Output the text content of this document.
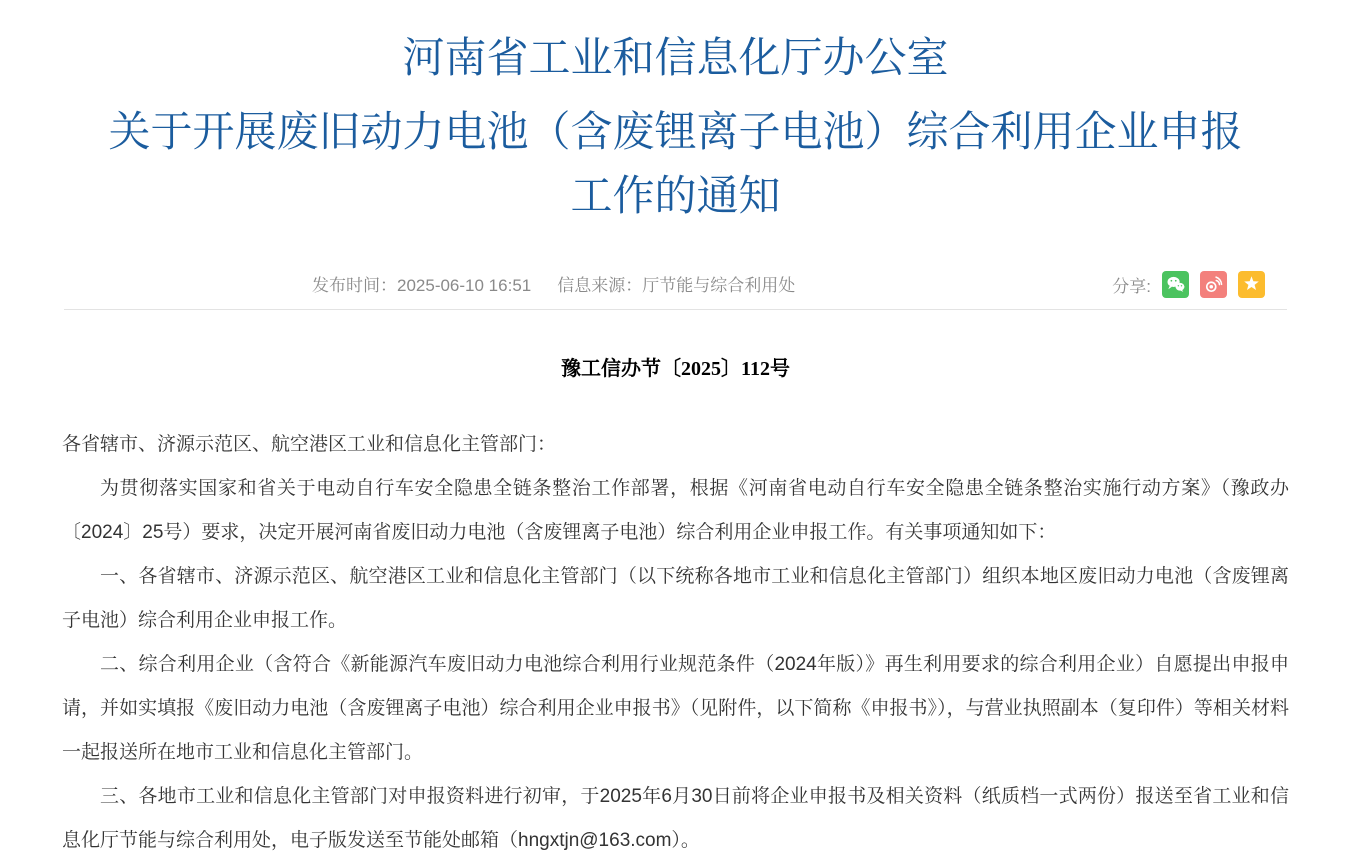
河南省工业和信息化厅办公室
关于开展废旧动力电池（含废锂离子电池）综合利用企业申报
工作的通知
发布时间：2025-06-10 16:51 信息来源：厅节能与综合利用处	分享:
豫工信办节〔2025〕112号

各省辖市、济源示范区、航空港区工业和信息化主管部门：

为贯彻落实国家和省关于电动自行车安全隐患全链条整治工作部署，根据《河南省电动自行车安全隐患全链条整治实施行动方案》（豫政办〔2024〕25号）要求，决定开展河南省废旧动力电池（含废锂离子电池）综合利用企业申报工作。有关事项通知如下：

一、各省辖市、济源示范区、航空港区工业和信息化主管部门（以下统称各地市工业和信息化主管部门）组织本地区废旧动力电池（含废锂离子电池）综合利用企业申报工作。

二、综合利用企业（含符合《新能源汽车废旧动力电池综合利用行业规范条件（2024年版）》再生利用要求的综合利用企业）自愿提出申报申请，并如实填报《废旧动力电池（含废锂离子电池）综合利用企业申报书》（见附件，以下简称《申报书》），与营业执照副本（复印件）等相关材料一起报送所在地市工业和信息化主管部门。

三、各地市工业和信息化主管部门对申报资料进行初审，于2025年6月30日前将企业申报书及相关资料（纸质档一式两份）报送至省工业和信息化厅节能与综合利用处，电子版发送至节能处邮箱（hngxtjn@163.com）。
